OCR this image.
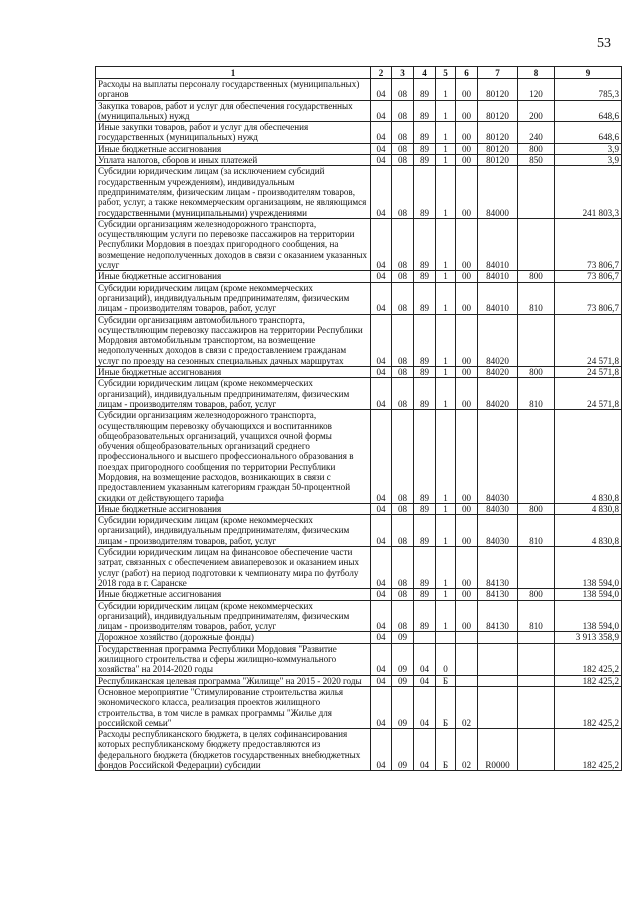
53
1	2	3	4	5	6	7	8	9
Расходы на выплаты персоналу государственных (муниципальных) органов	04	08	89	1	00	80120	120	785,3
Закупка товаров, работ и услуг для обеспечения государственных (муниципальных) нужд	04	08	89	1	00	80120	200	648,6
Иные закупки товаров, работ и услуг для обеспечения государственных (муниципальных) нужд	04	08	89	1	00	80120	240	648,6
Иные бюджетные ассигнования	04	08	89	1	00	80120	800	3,9
Уплата налогов, сборов и иных платежей	04	08	89	1	00	80120	850	3,9
Субсидии юридическим лицам (за исключением субсидий государственным учреждениям), индивидуальным предпринимателям, физическим лицам - производителям товаров, работ, услуг, а также некоммерческим организациям, не являющимся государственными (муниципальными) учреждениями	04	08	89	1	00	84000		241 803,3
Субсидии организациям железнодорожного транспорта, осуществляющим услуги по перевозке пассажиров на территории Республики Мордовия в поездах пригородного сообщения, на возмещение недополученных доходов в связи с оказанием указанных услуг	04	08	89	1	00	84010		73 806,7
Иные бюджетные ассигнования	04	08	89	1	00	84010	800	73 806,7
Субсидии юридическим лицам (кроме некоммерческих организаций), индивидуальным предпринимателям, физическим лицам - производителям товаров, работ, услуг	04	08	89	1	00	84010	810	73 806,7
Субсидии организациям автомобильного транспорта, осуществляющим перевозку пассажиров на территории Республики Мордовия автомобильным транспортом, на возмещение недополученных доходов в связи с предоставлением гражданам услуг по проезду на сезонных специальных дачных маршрутах	04	08	89	1	00	84020		24 571,8
Иные бюджетные ассигнования	04	08	89	1	00	84020	800	24 571,8
Субсидии юридическим лицам (кроме некоммерческих организаций), индивидуальным предпринимателям, физическим лицам - производителям товаров, работ, услуг	04	08	89	1	00	84020	810	24 571,8
Субсидии организациям железнодорожного транспорта, осуществляющим перевозку обучающихся и воспитанников общеобразовательных организаций, учащихся очной формы обучения общеобразовательных организаций среднего профессионального и высшего профессионального образования в поездах пригородного сообщения по территории Республики Мордовия, на возмещение расходов, возникающих в связи с предоставлением указанным категориям граждан 50-процентной скидки от действующего тарифа	04	08	89	1	00	84030		4 830,8
Иные бюджетные ассигнования	04	08	89	1	00	84030	800	4 830,8
Субсидии юридическим лицам (кроме некоммерческих организаций), индивидуальным предпринимателям, физическим лицам - производителям товаров, работ, услуг	04	08	89	1	00	84030	810	4 830,8
Субсидии юридическим лицам на финансовое обеспечение части затрат, связанных с обеспечением авиаперевозок и оказанием иных услуг (работ) на период подготовки к чемпионату мира по футболу 2018 года в г. Саранске	04	08	89	1	00	84130		138 594,0
Иные бюджетные ассигнования	04	08	89	1	00	84130	800	138 594,0
Субсидии юридическим лицам (кроме некоммерческих организаций), индивидуальным предпринимателям, физическим лицам - производителям товаров, работ, услуг	04	08	89	1	00	84130	810	138 594,0
Дорожное хозяйство (дорожные фонды)	04	09						3 913 358,9
Государственная программа Республики Мордовия "Развитие жилищного строительства и сферы жилищно-коммунального хозяйства" на 2014-2020 годы	04	09	04	0				182 425,2
Республиканская целевая программа "Жилище" на 2015 - 2020 годы	04	09	04	Б				182 425,2
Основное мероприятие "Стимулирование строительства жилья экономического класса, реализация проектов жилищного строительства, в том числе в рамках программы "Жилье для российской семьи"	04	09	04	Б	02			182 425,2
Расходы республиканского бюджета, в целях софинансирования которых республиканскому бюджету предоставляются из федерального бюджета (бюджетов государственных внебюджетных фондов Российской Федерации) субсидии	04	09	04	Б	02	R0000		182 425,2
